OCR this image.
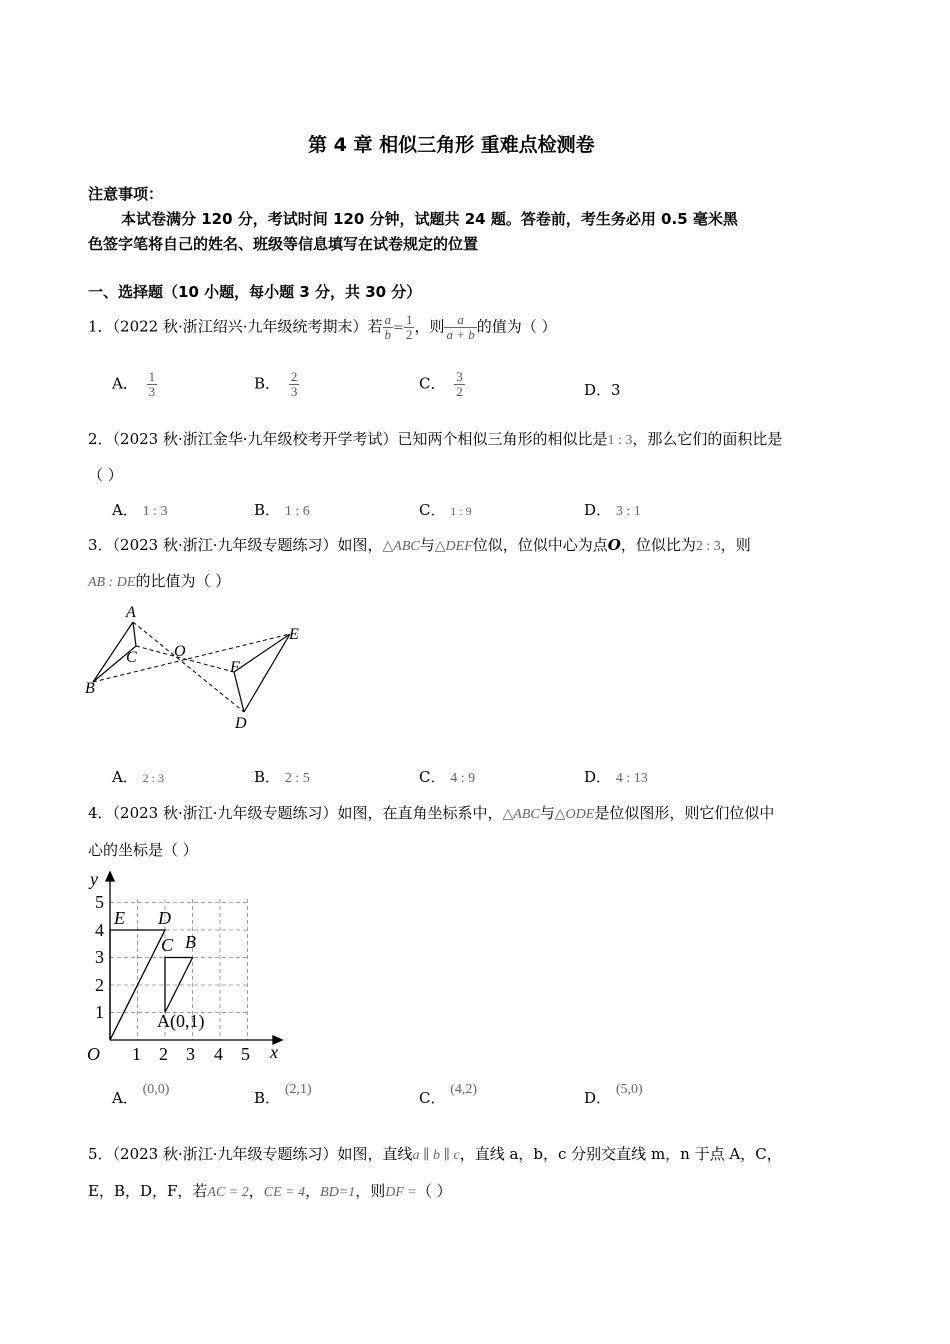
第 4 章 相似三角形 重难点检测卷
注意事项：
本试卷满分 120 分，考试时间 120 分钟，试题共 24 题。答卷前，考生务必用 0.5 毫米黑
色签字笔将自己的姓名、班级等信息填写在试卷规定的位置
一、选择题（10 小题，每小题 3 分，共 30 分）
1．（2022 秋·浙江绍兴·九年级统考期末）若 $\frac{a}{b} = \frac{1}{2}$ ，则 $\frac{a}{a + b}$ 的值为（ ）
A． $\frac{1}{3}$	B． $\frac{2}{3}$	C． $\frac{3}{2}$	D．3
2．（2023 秋·浙江金华·九年级校考开学考试）已知两个相似三角形的相似比是1 : 3，那么它们的面积比是
（ ）
A． 1 : 3	B． 1 : 6	C． 1 : 9	D． 3 : 1
3．（2023 秋·浙江·九年级专题练习）如图，△ABC与△DEF位似，位似中心为点O，位似比为2 : 3，则
AB : DE的比值为（ ）
A
B
C O
E
F
D
A． 2 : 3	B． 2 : 5	C． 4 : 9	D． 4 : 13
4．（2023 秋·浙江·九年级专题练习）如图，在直角坐标系中，△ABC与△ODE是位似图形，则它们位似中
心的坐标是（ ）
y
x
O
1
2
3
4
5
1 2 3 4 5
E D
C B
A(0,1)
A． (0,0)	B． (2,1)	C． (4,2)	D． (5,0)
5．（2023 秋·浙江·九年级专题练习）如图，直线a ∥ b ∥ c，直线 a，b，c 分别交直线 m，n 于点 A，C，
E，B，D，F，若AC = 2，CE = 4，BD=1，则DF =（ ）
